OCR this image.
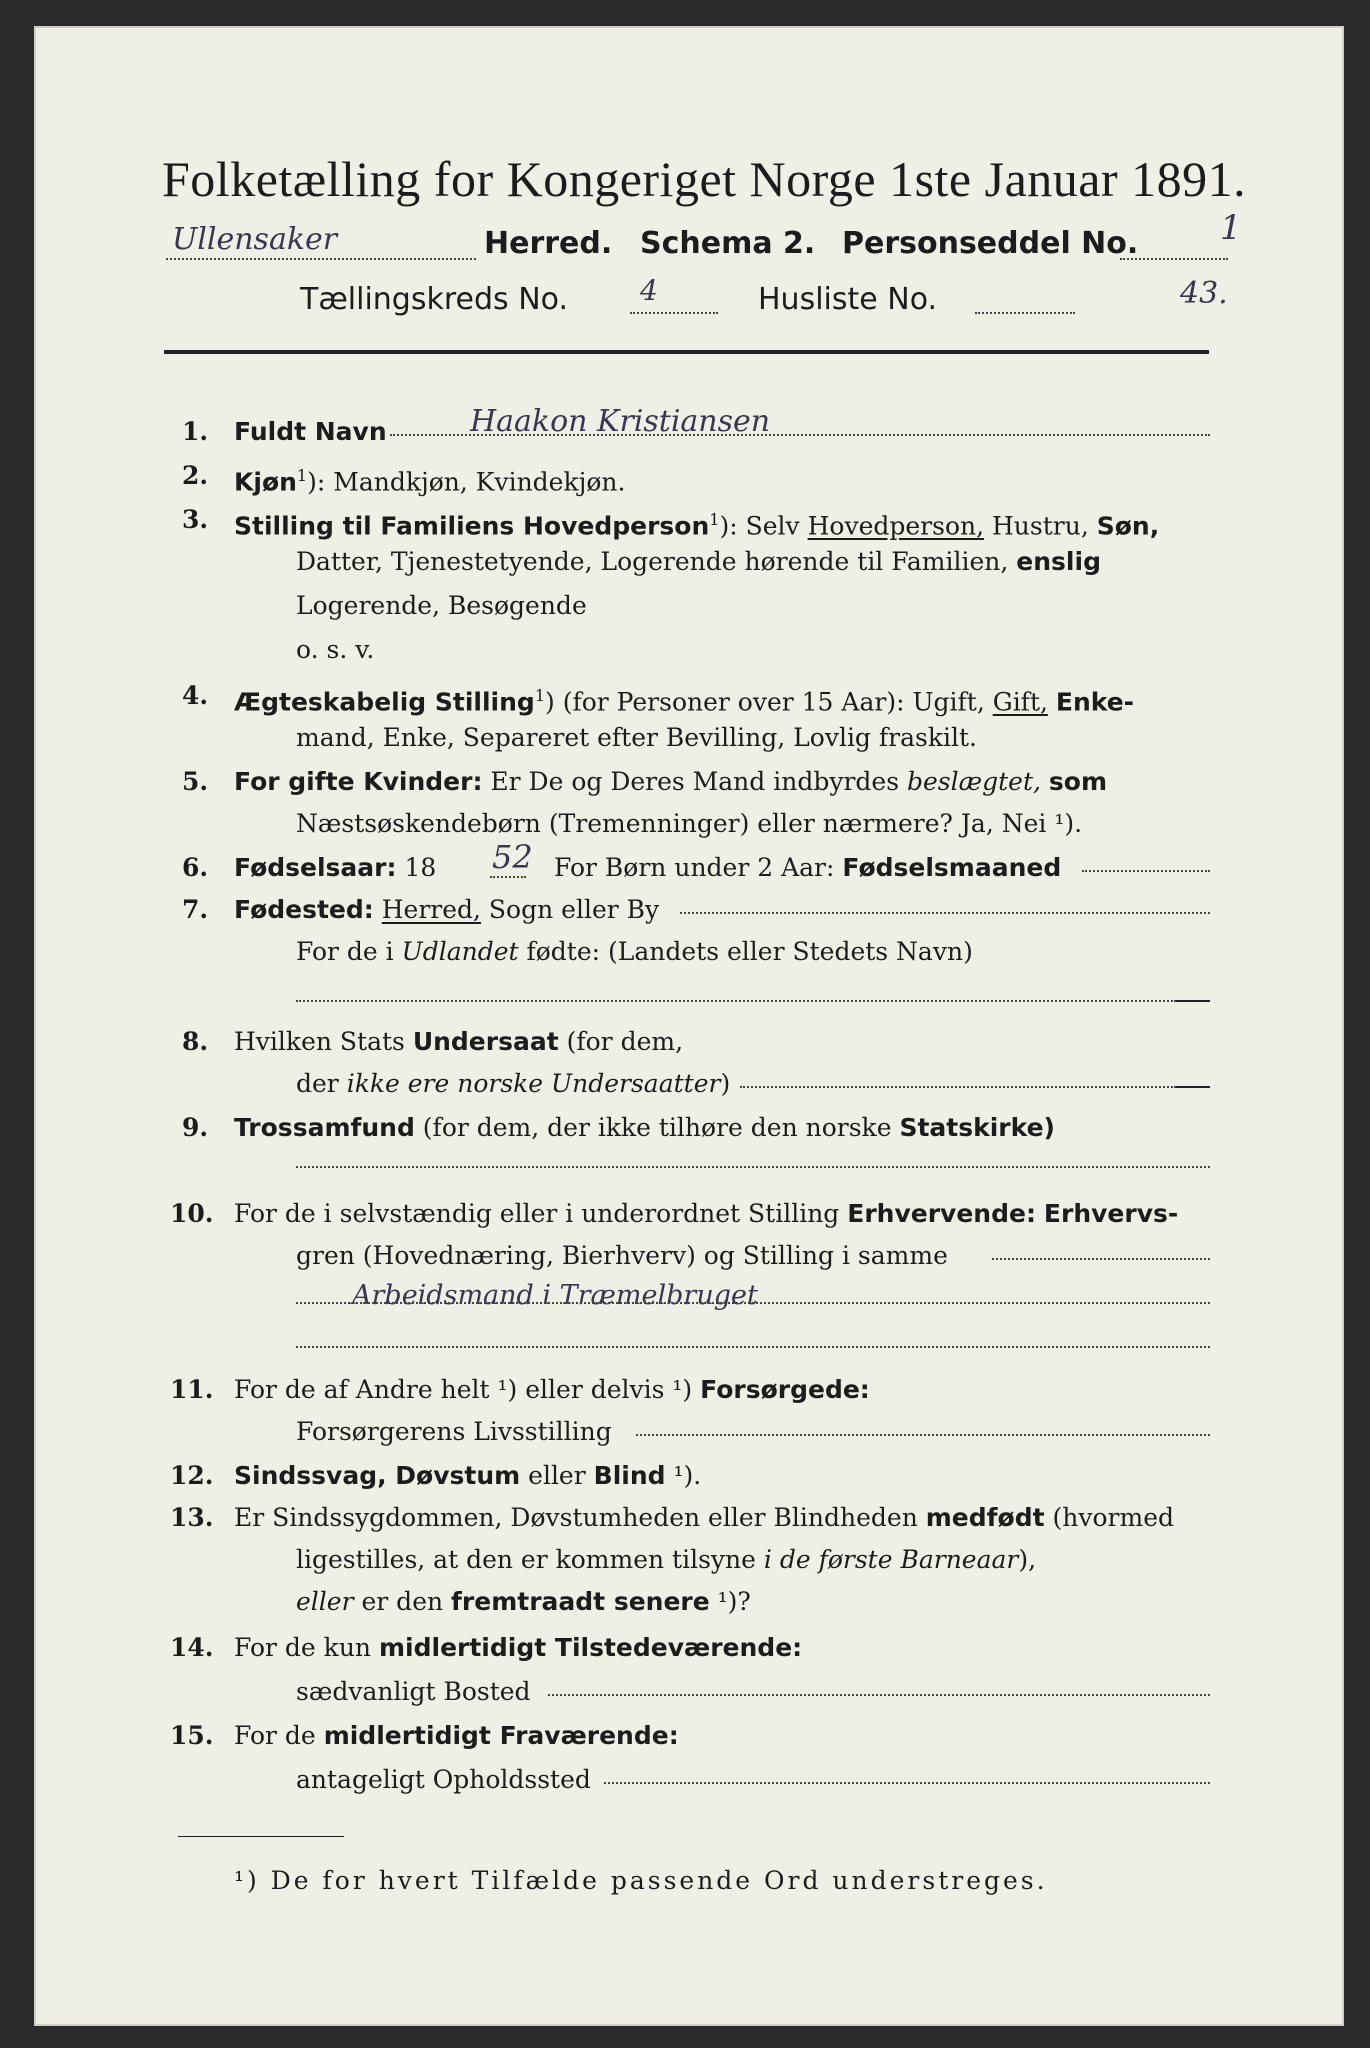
Folketælling for Kongeriget Norge 1ste Januar 1891.
Ullensaker	Herred. Schema 2. Personseddel No. 1
Tællingskreds No.	4	Husliste No.	43.
1. Fuldt Navn	Haakon Kristiansen
2. Kjøn$^1$): Mandkjøn, Kvindekjøn.
3. Stilling til Familiens Hovedperson$^1$): Selv Hovedperson, Hustru, Søn,
Datter, Tjenestetyende, Logerende hørende til Familien, enslig
Logerende, Besøgende
o. s. v.
4. Ægteskabelig Stilling$^1$) (for Personer over 15 Aar): Ugift, Gift, Enke-
mand, Enke, Separeret efter Bevilling, Lovlig fraskilt.
5. For gifte Kvinder: Er De og Deres Mand indbyrdes beslægtet, som
Næstsøskendebørn (Tremenninger) eller nærmere? Ja, Nei ¹).
6. Fødselsaar: 18 52 For Børn under 2 Aar: Fødselsmaaned
7. Fødested: Herred, Sogn eller By
For de i Udlandet fødte: (Landets eller Stedets Navn)
8. Hvilken Stats Undersaat (for dem,
der ikke ere norske Undersaatter)
9. Trossamfund (for dem, der ikke tilhøre den norske Statskirke)
10. For de i selvstændig eller i underordnet Stilling Erhvervende: Erhvervs-
gren (Hovednæring, Bierhverv) og Stilling i samme
Arbeidsmand i Træmelbruget
11. For de af Andre helt ¹) eller delvis ¹) Forsørgede:
Forsørgerens Livsstilling
12. Sindssvag, Døvstum eller Blind ¹).
13. Er Sindssygdommen, Døvstumheden eller Blindheden medfødt (hvormed
ligestilles, at den er kommen tilsyne i de første Barneaar),
eller er den fremtraadt senere ¹)?
14. For de kun midlertidigt Tilstedeværende:
sædvanligt Bosted
15. For de midlertidigt Fraværende:
antageligt Opholdssted
¹) De for hvert Tilfælde passende Ord understreges.
